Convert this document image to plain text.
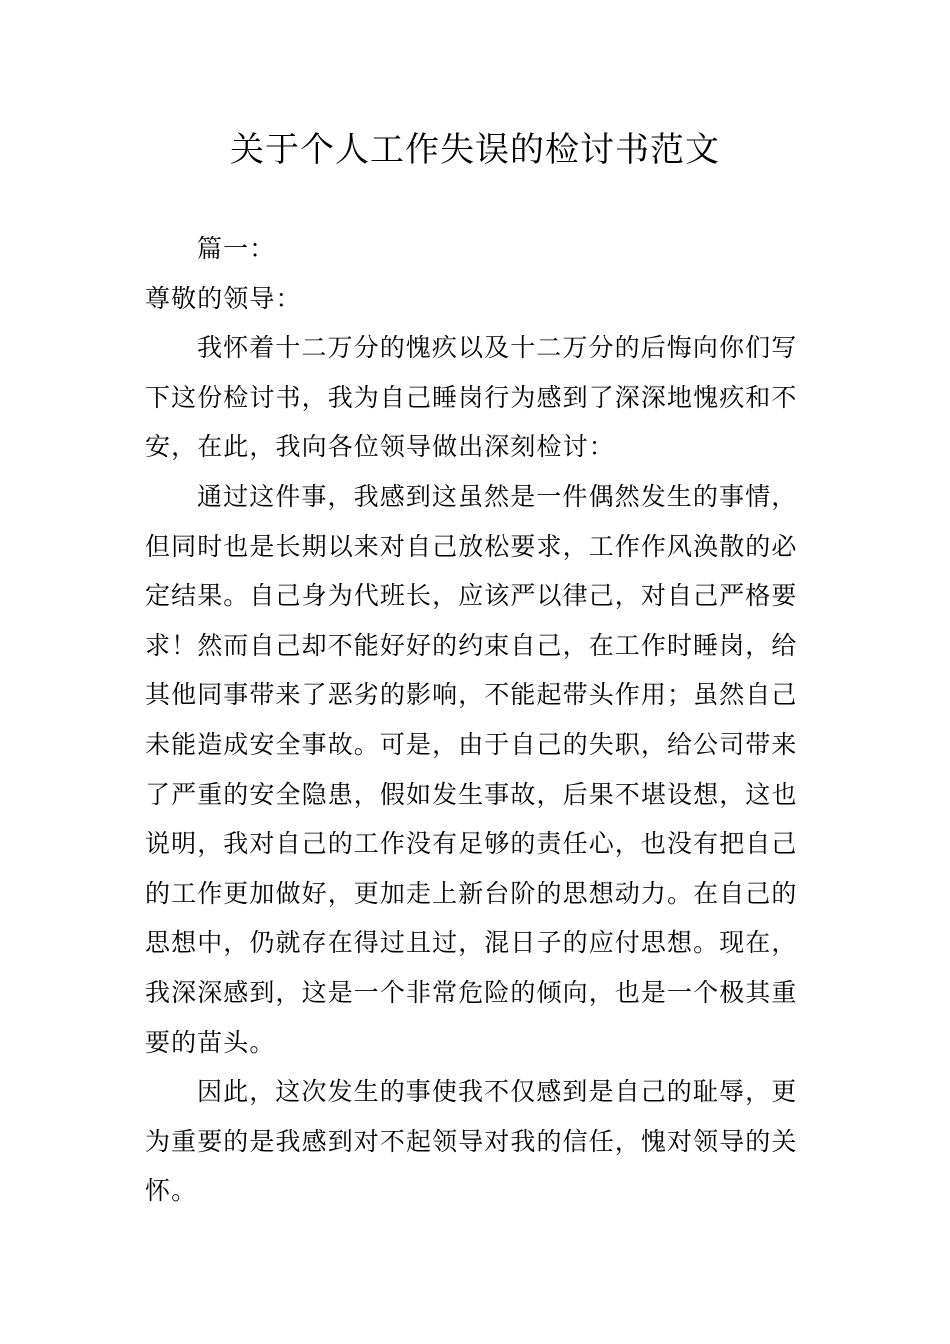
关于个人工作失误的检讨书范文
篇一：
尊敬的领导：
我怀着十二万分的愧疚以及十二万分的后悔向你们写
下这份检讨书，我为自己睡岗行为感到了深深地愧疚和不
安，在此，我向各位领导做出深刻检讨：
通过这件事，我感到这虽然是一件偶然发生的事情，
但同时也是长期以来对自己放松要求，工作作风涣散的必
定结果。自己身为代班长，应该严以律己，对自己严格要
求！然而自己却不能好好的约束自己，在工作时睡岗，给
其他同事带来了恶劣的影响，不能起带头作用；虽然自己
未能造成安全事故。可是，由于自己的失职，给公司带来
了严重的安全隐患，假如发生事故，后果不堪设想，这也
说明，我对自己的工作没有足够的责任心，也没有把自己
的工作更加做好，更加走上新台阶的思想动力。在自己的
思想中，仍就存在得过且过，混日子的应付思想。现在，
我深深感到，这是一个非常危险的倾向，也是一个极其重
要的苗头。
因此，这次发生的事使我不仅感到是自己的耻辱，更
为重要的是我感到对不起领导对我的信任，愧对领导的关
怀。
